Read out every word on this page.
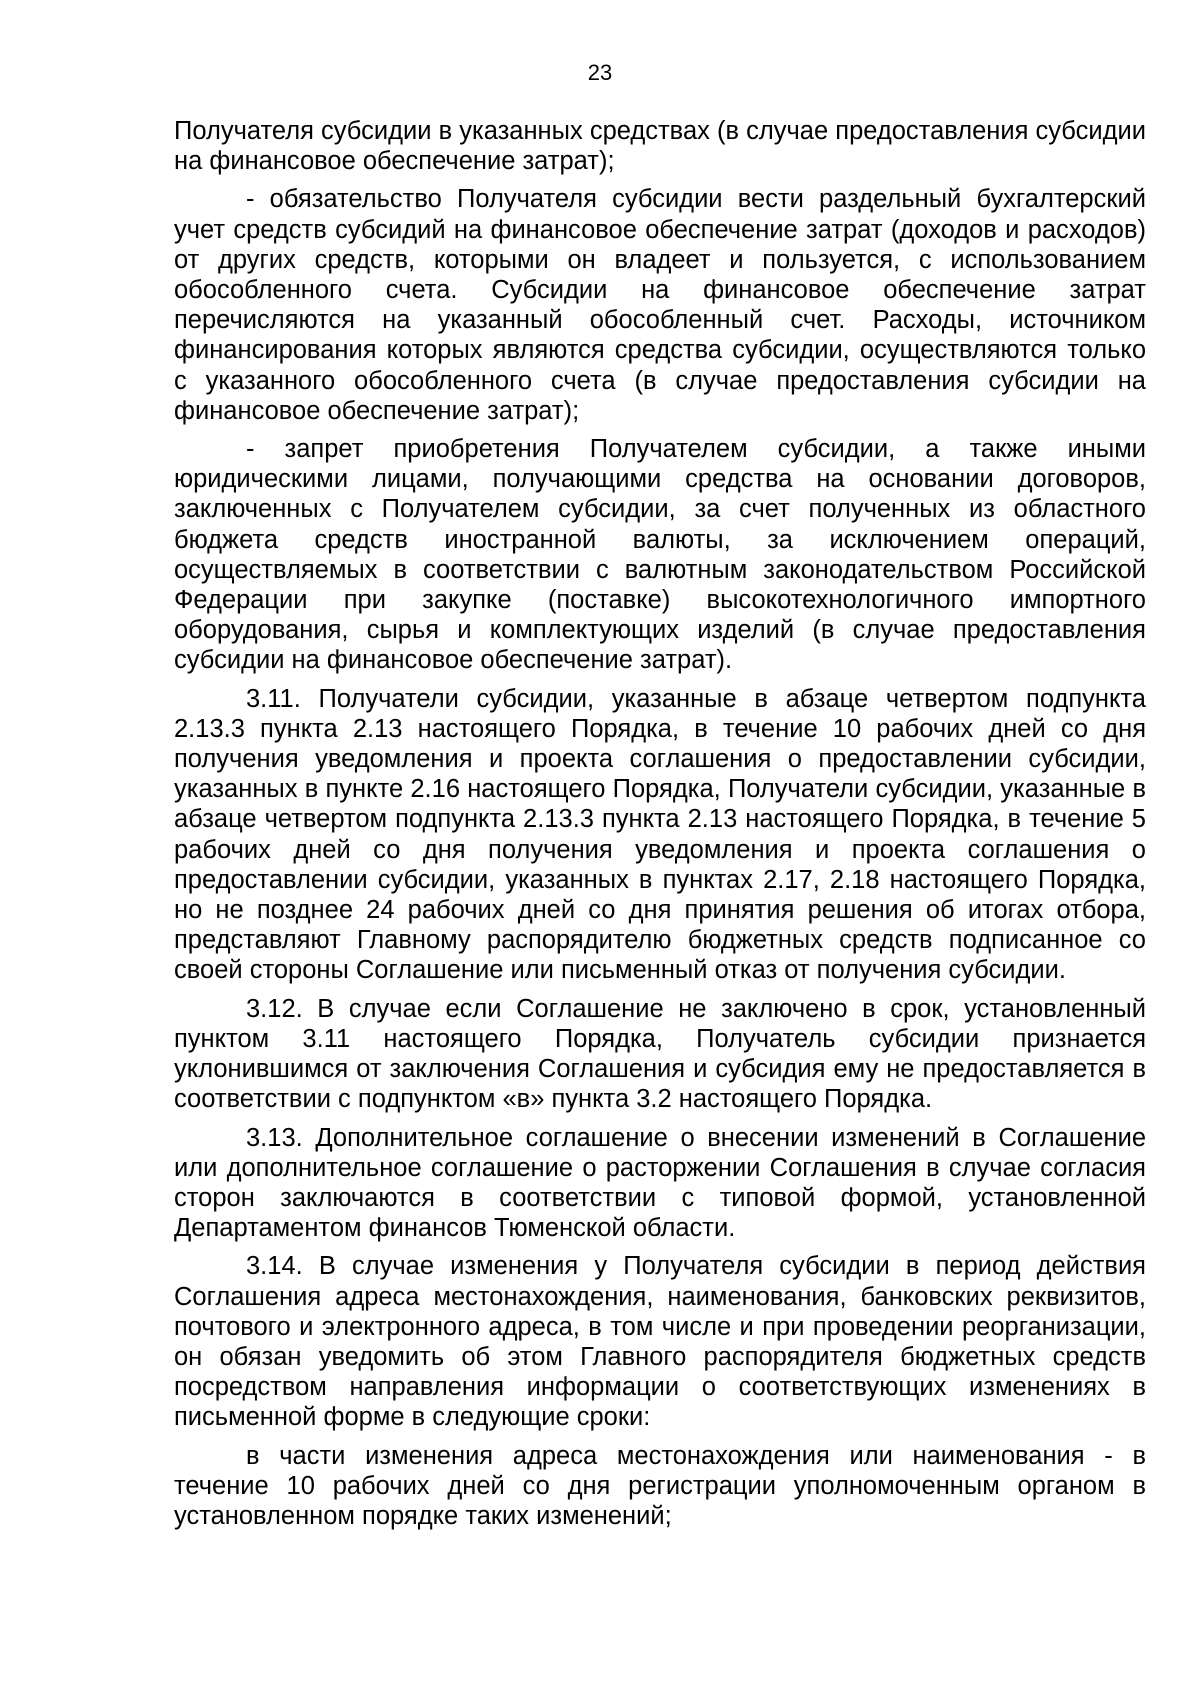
23

Получателя субсидии в указанных средствах (в случае предоставления субсидии на финансовое обеспечение затрат);

- обязательство Получателя субсидии вести раздельный бухгалтерский учет средств субсидий на финансовое обеспечение затрат (доходов и расходов) от других средств, которыми он владеет и пользуется, с использованием обособленного счета. Субсидии на финансовое обеспечение затрат перечисляются на указанный обособленный счет. Расходы, источником финансирования которых являются средства субсидии, осуществляются только с указанного обособленного счета (в случае предоставления субсидии на финансовое обеспечение затрат);

- запрет приобретения Получателем субсидии, а также иными юридическими лицами, получающими средства на основании договоров, заключенных с Получателем субсидии, за счет полученных из областного бюджета средств иностранной валюты, за исключением операций, осуществляемых в соответствии с валютным законодательством Российской Федерации при закупке (поставке) высокотехнологичного импортного оборудования, сырья и комплектующих изделий (в случае предоставления субсидии на финансовое обеспечение затрат).

3.11. Получатели субсидии, указанные в абзаце четвертом подпункта 2.13.3 пункта 2.13 настоящего Порядка, в течение 10 рабочих дней со дня получения уведомления и проекта соглашения о предоставлении субсидии, указанных в пункте 2.16 настоящего Порядка, Получатели субсидии, указанные в абзаце четвертом подпункта 2.13.3 пункта 2.13 настоящего Порядка, в течение 5 рабочих дней со дня получения уведомления и проекта соглашения о предоставлении субсидии, указанных в пунктах 2.17, 2.18 настоящего Порядка, но не позднее 24 рабочих дней со дня принятия решения об итогах отбора, представляют Главному распорядителю бюджетных средств подписанное со своей стороны Соглашение или письменный отказ от получения субсидии.

3.12. В случае если Соглашение не заключено в срок, установленный пунктом 3.11 настоящего Порядка, Получатель субсидии признается уклонившимся от заключения Соглашения и субсидия ему не предоставляется в соответствии с подпунктом «в» пункта 3.2 настоящего Порядка.

3.13. Дополнительное соглашение о внесении изменений в Соглашение или дополнительное соглашение о расторжении Соглашения в случае согласия сторон заключаются в соответствии с типовой формой, установленной Департаментом финансов Тюменской области.

3.14. В случае изменения у Получателя субсидии в период действия Соглашения адреса местонахождения, наименования, банковских реквизитов, почтового и электронного адреса, в том числе и при проведении реорганизации, он обязан уведомить об этом Главного распорядителя бюджетных средств посредством направления информации о соответствующих изменениях в письменной форме в следующие сроки:

в части изменения адреса местонахождения или наименования - в течение 10 рабочих дней со дня регистрации уполномоченным органом в установленном порядке таких изменений;
